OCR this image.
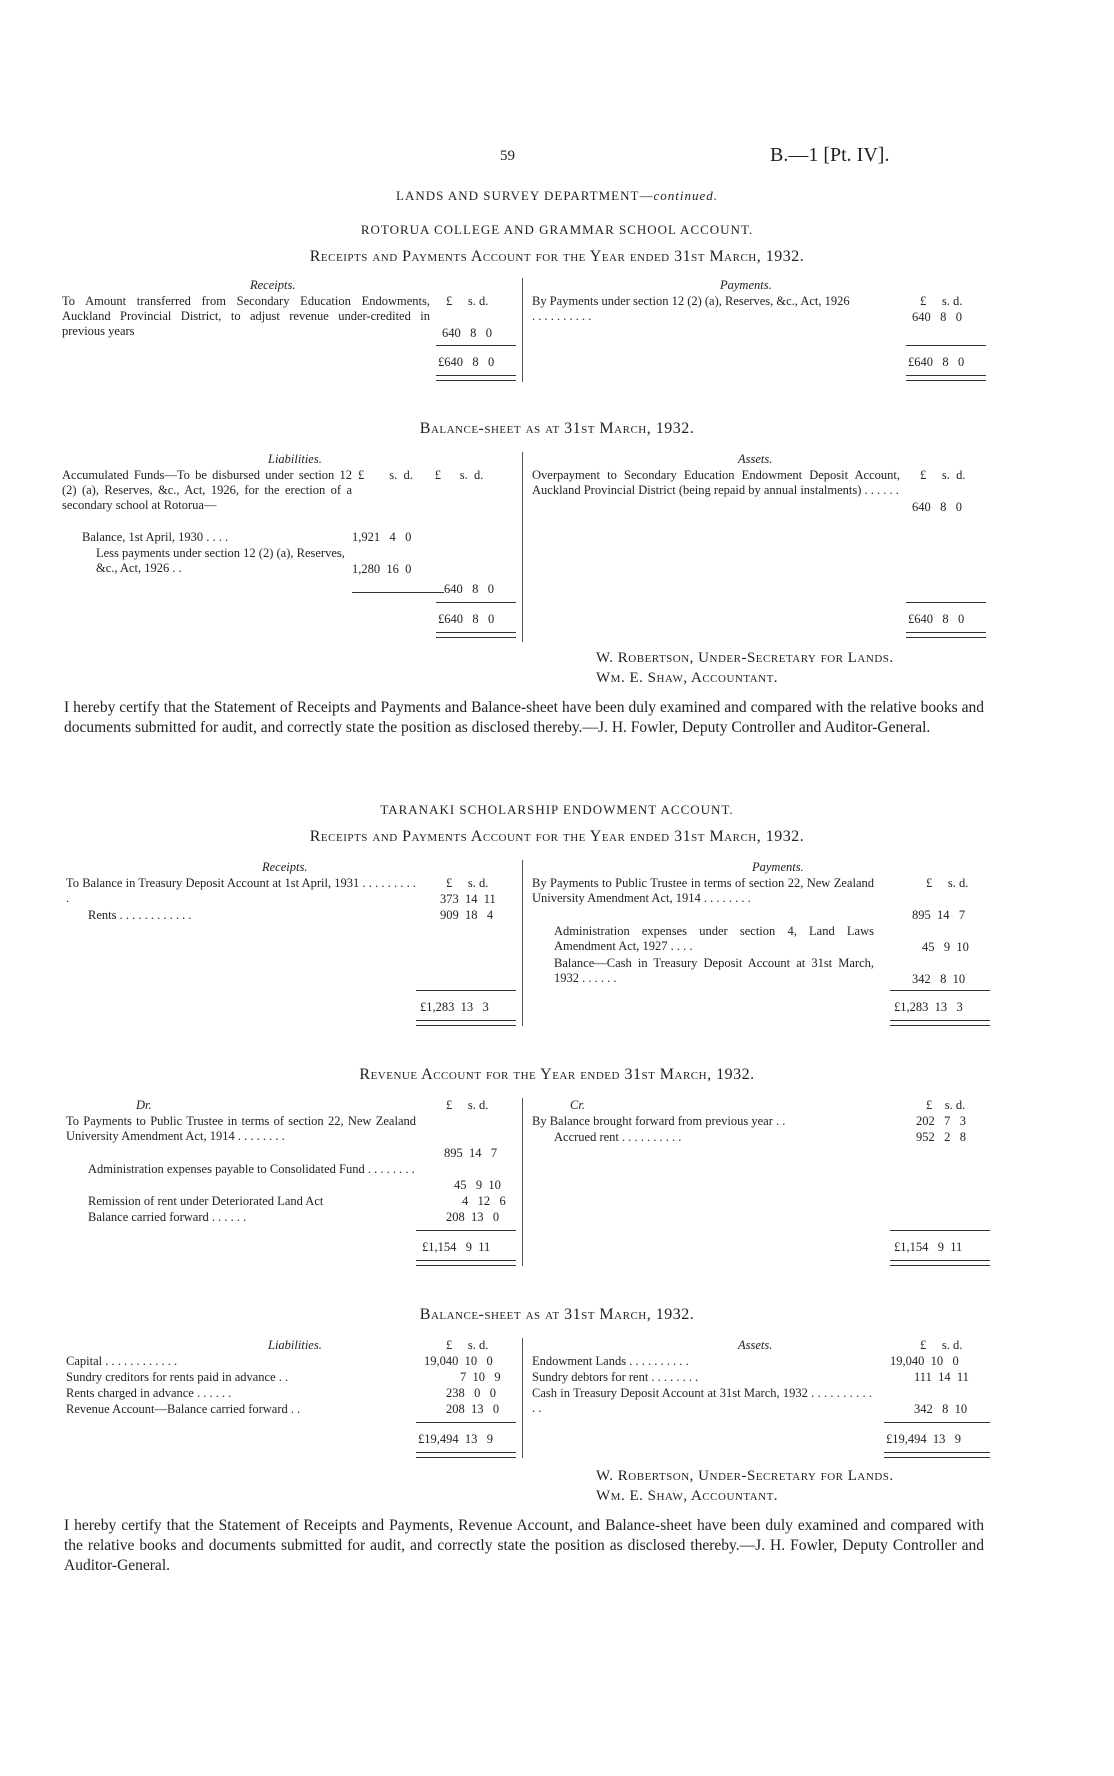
59	B.—1 [Pt. IV].
LANDS AND SURVEY DEPARTMENT—continued.
ROTORUA COLLEGE AND GRAMMAR SCHOOL ACCOUNT.
Receipts and Payments Account for the Year ended 31st March, 1932.
Receipts.	Payments.
To Amount transferred from Secondary Education Endowments, Auckland Provincial District, to adjust revenue under-credited in previous years
£ s. d.
640 8 0
£640 8 0
By Payments under section 12 (2) (a), Reserves, &c., Act, 1926 . . . . . . . . . .
£ s. d.
640 8 0
£640 8 0
Balance-sheet as at 31st March, 1932.
Liabilities.	Assets.
Accumulated Funds—To be disbursed under section 12 (2) (a), Reserves, &c., Act, 1926, for the erection of a secondary school at Rotorua—
£        s.  d.       £      s.  d.
Balance, 1st April, 1930 . . . .	1,921 4 0
Less payments under section 12 (2) (a), Reserves, &c., Act, 1926 . .	1,280 16 0
640 8 0
£640 8 0
Overpayment to Secondary Education Endowment Deposit Account, Auckland Provincial District (being repaid by annual instalments) . . . . . .
£     s.  d.
640 8 0
£640 8 0
W. Robertson, Under-Secretary for Lands.
Wm. E. Shaw, Accountant.
I hereby certify that the Statement of Receipts and Payments and Balance-sheet have been duly examined and compared with the relative books and documents submitted for audit, and correctly state the position as disclosed thereby.—J. H. Fowler, Deputy Controller and Auditor-General.
TARANAKI SCHOLARSHIP ENDOWMENT ACCOUNT.
Receipts and Payments Account for the Year ended 31st March, 1932.
Receipts.	Payments.
£ s. d.
To Balance in Treasury Deposit Account at 1st April, 1931 . . . . . . . . . .	373 14 11
Rents . . . . . . . . . . . .	909 18 4
£1,283 13 3
£ s. d.
By Payments to Public Trustee in terms of section 22, New Zealand University Amendment Act, 1914 . . . . . . . .
895 14 7
Administration expenses under section 4, Land Laws Amendment Act, 1927 . . . .	45 9 10
Balance—Cash in Treasury Deposit Account at 31st March, 1932 . . . . . .	342 8 10
£1,283 13 3
Revenue Account for the Year ended 31st March, 1932.
Dr.	Cr.
£ s. d.	£ s. d.
To Payments to Public Trustee in terms of section 22, New Zealand University Amendment Act, 1914 . . . . . . . .
895 14 7
Administration expenses payable to Consolidated Fund . . . . . . . .
45 9 10
Remission of rent under Deteriorated Land Act	4 12 6
Balance carried forward . . . . . .	208 13 0
£1,154 9 11
By Balance brought forward from previous year . .	202 7 3
Accrued rent . . . . . . . . . .	952 2 8
£1,154 9 11
Balance-sheet as at 31st March, 1932.
Liabilities.	Assets.
£ s. d.	£ s. d.
Capital . . . . . . . . . . . .	19,040 10 0
Sundry creditors for rents paid in advance . .	7 10 9
Rents charged in advance . . . . . .	238 0 0
Revenue Account—Balance carried forward . .	208 13 0
£19,494 13 9
Endowment Lands . . . . . . . . . .	19,040 10 0
Sundry debtors for rent . . . . . . . .	111 14 11
Cash in Treasury Deposit Account at 31st March, 1932 . . . . . . . . . . . .	342 8 10
£19,494 13 9
W. Robertson, Under-Secretary for Lands.
Wm. E. Shaw, Accountant.
I hereby certify that the Statement of Receipts and Payments, Revenue Account, and Balance-sheet have been duly examined and compared with the relative books and documents submitted for audit, and correctly state the position as disclosed thereby.—J. H. Fowler, Deputy Controller and Auditor-General.
